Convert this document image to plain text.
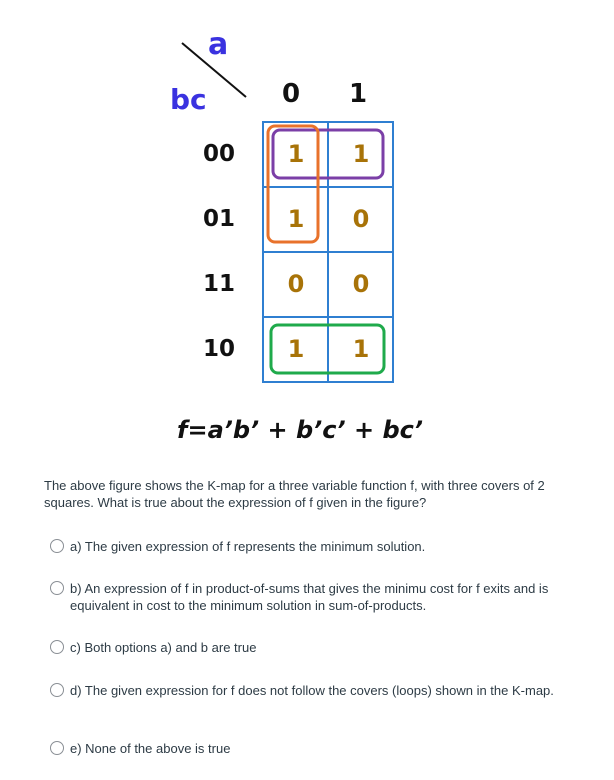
a
bc	0 1
00
01
11
10
1 1
1 0
0 0
1 1
f=a’b’ + b’c’ + bc’
The above figure shows the K-map for a three variable function f, with three covers of 2 squares. What is true about the expression of f given in the figure?
a) The given expression of f represents the minimum solution.
b) An expression of f in product-of-sums that gives the minimu cost for f exits and is equivalent in cost to the minimum solution in sum-of-products.
c) Both options a) and b are true
d) The given expression for f does not follow the covers (loops) shown in the K-map.
e) None of the above is true
